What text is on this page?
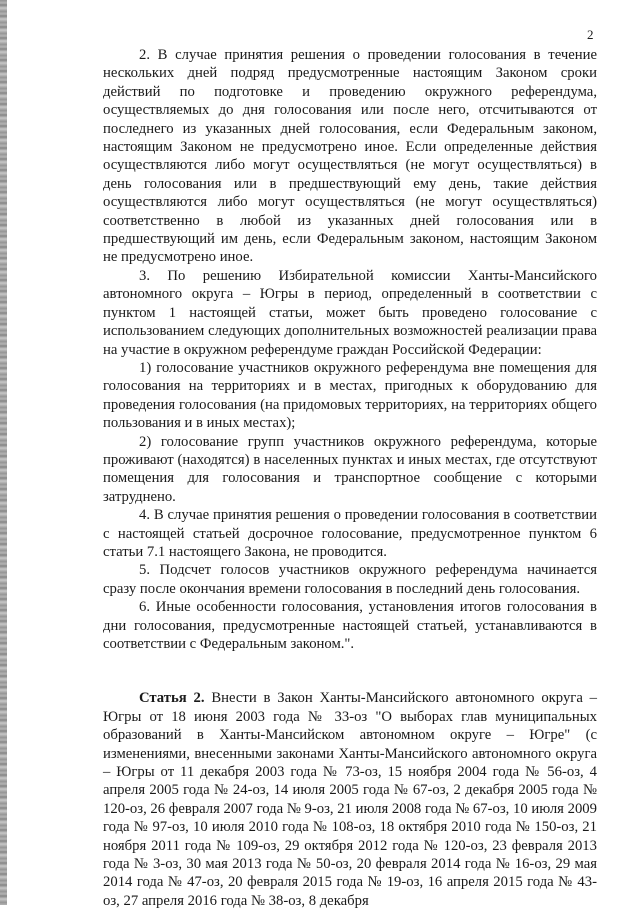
2

2. В случае принятия решения о проведении голосования в течение нескольких дней подряд предусмотренные настоящим Законом сроки действий по подготовке и проведению окружного референдума, осуществляемых до дня голосования или после него, отсчитываются от последнего из указанных дней голосования, если Федеральным законом, настоящим Законом не предусмотрено иное. Если определенные действия осуществляются либо могут осуществляться (не могут осуществляться) в день голосования или в предшествующий ему день, такие действия осуществляются либо могут осуществляться (не могут осуществляться) соответственно в любой из указанных дней голосования или в предшествующий им день, если Федеральным законом, настоящим Законом не предусмотрено иное.

3. По решению Избирательной комиссии Ханты-Мансийского автономного округа – Югры в период, определенный в соответствии с пунктом 1 настоящей статьи, может быть проведено голосование с использованием следующих дополнительных возможностей реализации права на участие в окружном референдуме граждан Российской Федерации:

1) голосование участников окружного референдума вне помещения для голосования на территориях и в местах, пригодных к оборудованию для проведения голосования (на придомовых территориях, на территориях общего пользования и в иных местах);

2) голосование групп участников окружного референдума, которые проживают (находятся) в населенных пунктах и иных местах, где отсутствуют помещения для голосования и транспортное сообщение с которыми затруднено.

4. В случае принятия решения о проведении голосования в соответствии с настоящей статьей досрочное голосование, предусмотренное пунктом 6 статьи 7.1 настоящего Закона, не проводится.

5. Подсчет голосов участников окружного референдума начинается сразу после окончания времени голосования в последний день голосования.

6. Иные особенности голосования, установления итогов голосования в дни голосования, предусмотренные настоящей статьей, устанавливаются в соответствии с Федеральным законом.".

Статья 2. Внести в Закон Ханты-Мансийского автономного округа – Югры от 18 июня 2003 года № 33-оз "О выборах глав муниципальных образований в Ханты-Мансийском автономном округе – Югре" (с изменениями, внесенными законами Ханты-Мансийского автономного округа – Югры от 11 декабря 2003 года № 73-оз, 15 ноября 2004 года № 56-оз, 4 апреля 2005 года № 24-оз, 14 июля 2005 года № 67-оз, 2 декабря 2005 года № 120-оз, 26 февраля 2007 года № 9-оз, 21 июля 2008 года № 67-оз, 10 июля 2009 года № 97-оз, 10 июля 2010 года № 108-оз, 18 октября 2010 года № 150-оз, 21 ноября 2011 года № 109-оз, 29 октября 2012 года № 120-оз, 23 февраля 2013 года № 3-оз, 30 мая 2013 года № 50-оз, 20 февраля 2014 года № 16-оз, 29 мая 2014 года № 47-оз, 20 февраля 2015 года № 19-оз, 16 апреля 2015 года № 43-оз, 27 апреля 2016 года № 38-оз, 8 декабря
